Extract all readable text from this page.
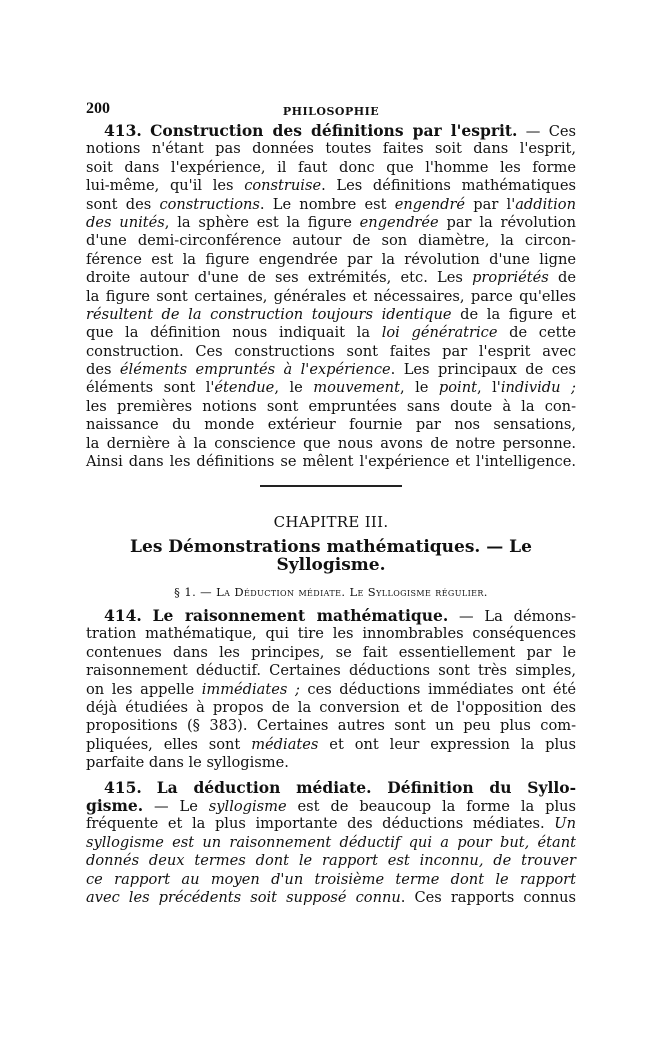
200	PHILOSOPHIE
413. Construction des définitions par l'esprit. — Ces
notions n'étant pas données toutes faites soit dans l'esprit,
soit dans l'expérience, il faut donc que l'homme les forme
lui-même, qu'il les construise. Les définitions mathématiques
sont des constructions. Le nombre est engendré par l'addition
des unités, la sphère est la figure engendrée par la révolution
d'une demi-circonférence autour de son diamètre, la circon-
férence est la figure engendrée par la révolution d'une ligne
droite autour d'une de ses extrémités, etc. Les propriétés de
la figure sont certaines, générales et nécessaires, parce qu'elles
résultent de la construction toujours identique de la figure et
que la définition nous indiquait la loi génératrice de cette
construction. Ces constructions sont faites par l'esprit avec
des éléments empruntés à l'expérience. Les principaux de ces
éléments sont l'étendue, le mouvement, le point, l'individu ;
les premières notions sont empruntées sans doute à la con-
naissance du monde extérieur fournie par nos sensations,
la dernière à la conscience que nous avons de notre personne.
Ainsi dans les définitions se mêlent l'expérience et l'intelligence.
CHAPITRE III.
Les Démonstrations mathématiques. — Le Syllogisme.
§ 1. — La Déduction médiate. Le Syllogisme régulier.
414. Le raisonnement mathématique. — La démons-
tration mathématique, qui tire les innombrables conséquences
contenues dans les principes, se fait essentiellement par le
raisonnement déductif. Certaines déductions sont très simples,
on les appelle immédiates ; ces déductions immédiates ont été
déjà étudiées à propos de la conversion et de l'opposition des
propositions (§ 383). Certaines autres sont un peu plus com-
pliquées, elles sont médiates et ont leur expression la plus
parfaite dans le syllogisme.
415. La déduction médiate. Définition du Syllo-
gisme. — Le syllogisme est de beaucoup la forme la plus
fréquente et la plus importante des déductions médiates. Un
syllogisme est un raisonnement déductif qui a pour but, étant
donnés deux termes dont le rapport est inconnu, de trouver
ce rapport au moyen d'un troisième terme dont le rapport
avec les précédents soit supposé connu. Ces rapports connus
